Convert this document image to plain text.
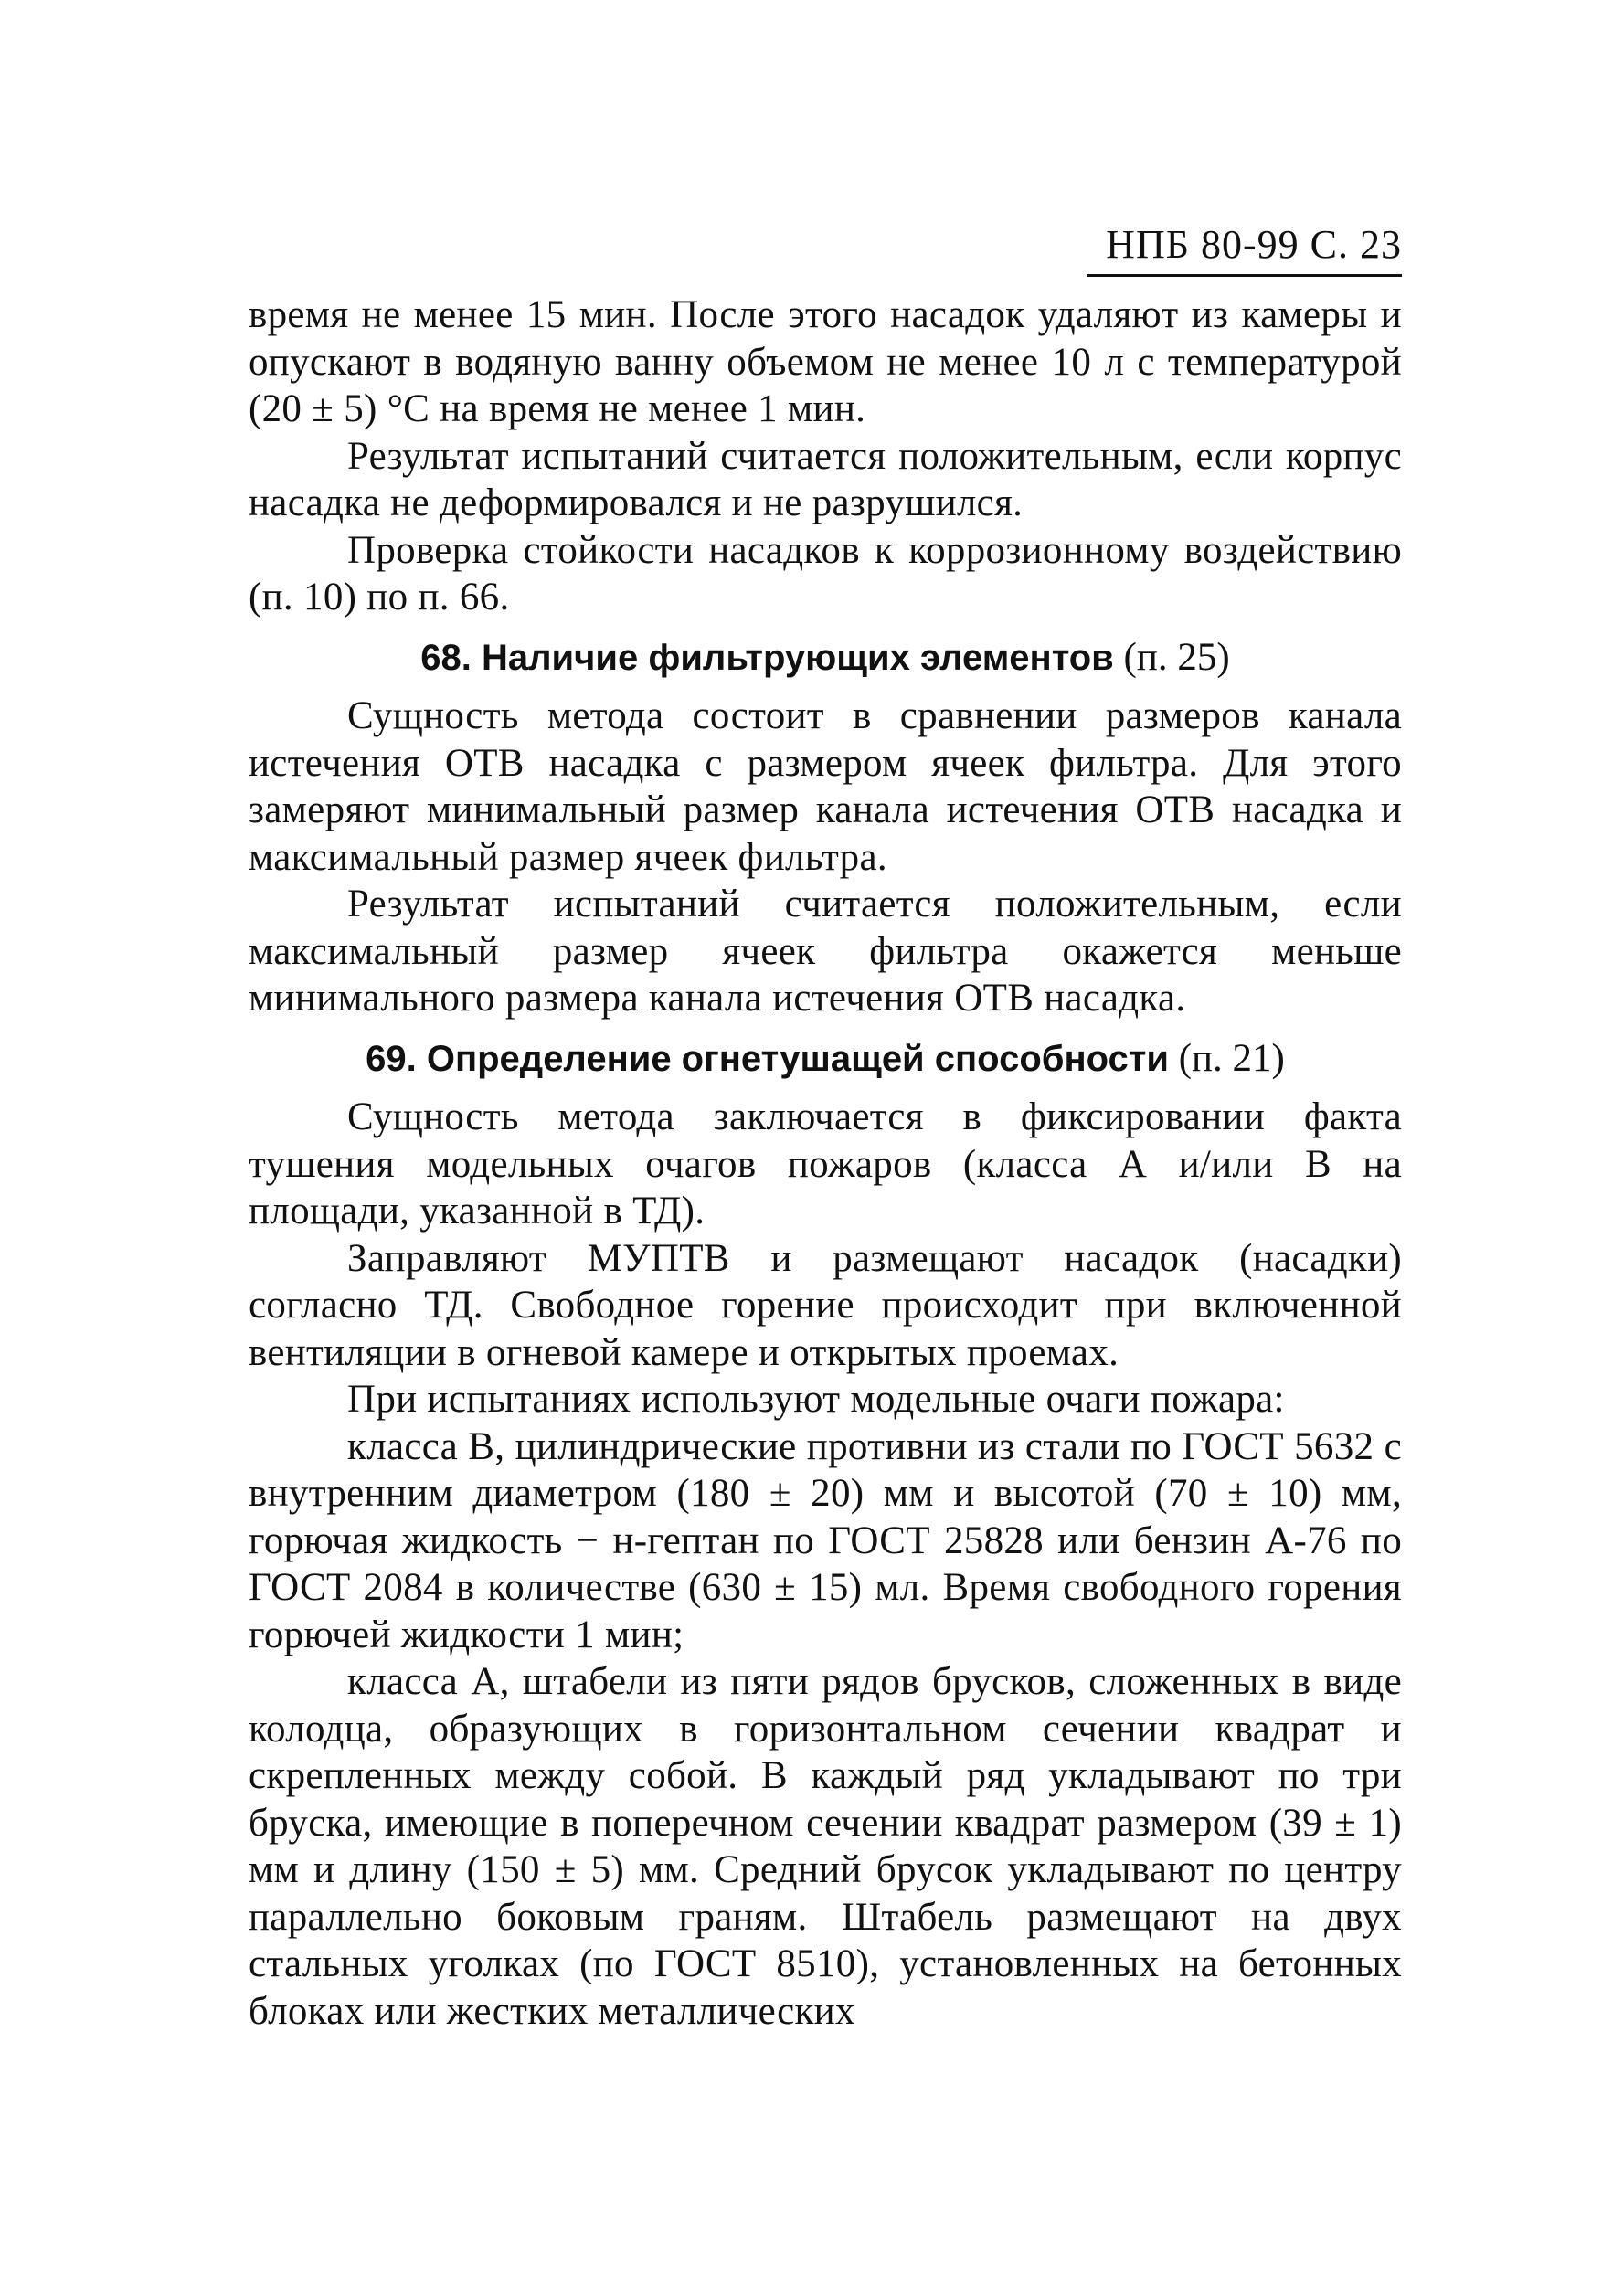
НПБ 80-99 С. 23

время не менее 15 мин. После этого насадок удаляют из камеры и опускают в водяную ванну объемом не менее 10 л с температурой (20 ± 5) °С на время не менее 1 мин.

Результат испытаний считается положительным, если корпус насадка не деформировался и не разрушился.

Проверка стойкости насадков к коррозионному воздействию (п. 10) по п. 66.

68. Наличие фильтрующих элементов (п. 25)

Сущность метода состоит в сравнении размеров канала истечения ОТВ насадка с размером ячеек фильтра. Для этого замеряют минимальный размер канала истечения ОТВ насадка и максимальный размер ячеек фильтра.

Результат испытаний считается положительным, если максимальный размер ячеек фильтра окажется меньше минимального размера канала истечения ОТВ насадка.

69. Определение огнетушащей способности (п. 21)

Сущность метода заключается в фиксировании факта тушения модельных очагов пожаров (класса А и/или В на площади, указанной в ТД).

Заправляют МУПТВ и размещают насадок (насадки) согласно ТД. Свободное горение происходит при включенной вентиляции в огневой камере и открытых проемах.

При испытаниях используют модельные очаги пожара:

класса В, цилиндрические противни из стали по ГОСТ 5632 с внутренним диаметром (180 ± 20) мм и высотой (70 ± 10) мм, горючая жидкость − н-гептан по ГОСТ 25828 или бензин А-76 по ГОСТ 2084 в количестве (630 ± 15) мл. Время свободного горения горючей жидкости 1 мин;

класса А, штабели из пяти рядов брусков, сложенных в виде колодца, образующих в горизонтальном сечении квадрат и скрепленных между собой. В каждый ряд укладывают по три бруска, имеющие в поперечном сечении квадрат размером (39 ± 1) мм и длину (150 ± 5) мм. Средний брусок укладывают по центру параллельно боковым граням. Штабель размещают на двух стальных уголках (по ГОСТ 8510), установленных на бетонных блоках или жестких металлических
